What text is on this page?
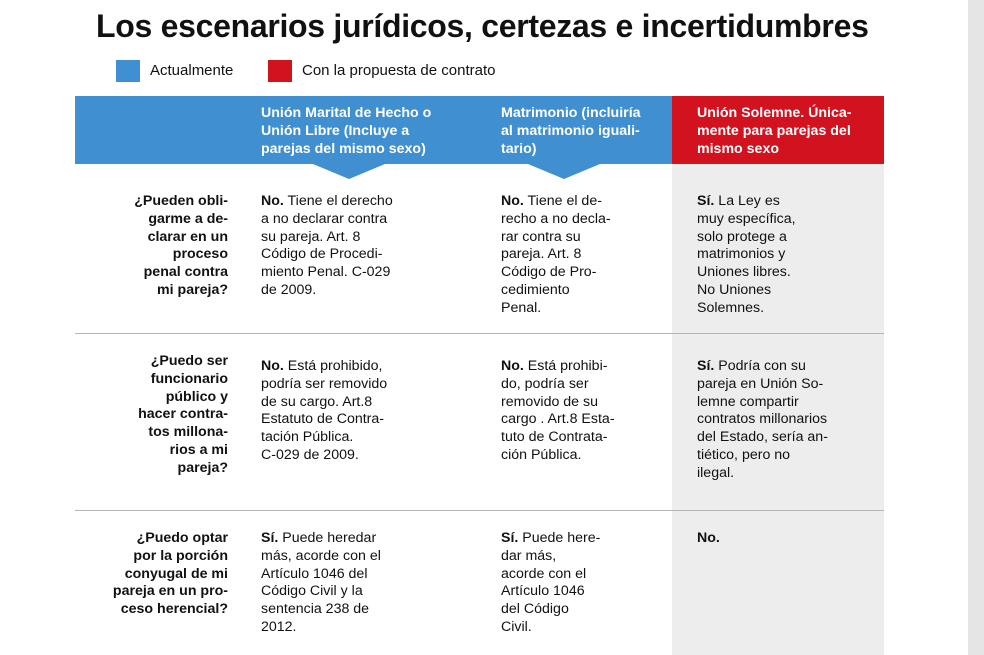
Los escenarios jurídicos, certezas e incertidumbres
Actualmente	Con la propuesta de contrato
Unión Marital de Hecho o
Unión Libre (Incluye a
parejas del mismo sexo)
Matrimonio (incluiría
al matrimonio iguali-
tario)
Unión Solemne. Única-
mente para parejas del
mismo sexo
¿Pueden obli-
garme a de-
clarar en un
proceso
penal contra
mi pareja?
No. Tiene el derecho
a no declarar contra
su pareja. Art. 8
Código de Procedi-
miento Penal. C-029
de 2009.
No. Tiene el de-
recho a no decla-
rar contra su
pareja. Art. 8
Código de Pro-
cedimiento
Penal.
Sí. La Ley es
muy específica,
solo protege a
matrimonios y
Uniones libres.
No Uniones
Solemnes.
¿Puedo ser
funcionario
público y
hacer contra-
tos millona-
rios a mi
pareja?
No. Está prohibido,
podría ser removido
de su cargo. Art.8
Estatuto de Contra-
tación Pública.
C-029 de 2009.
No. Está prohibi-
do, podría ser
removido de su
cargo . Art.8 Esta-
tuto de Contrata-
ción Pública.
Sí. Podría con su
pareja en Unión So-
lemne compartir
contratos millonarios
del Estado, sería an-
tiético, pero no
ilegal.
¿Puedo optar
por la porción
conyugal de mi
pareja en un pro-
ceso herencial?
Sí. Puede heredar
más, acorde con el
Artículo 1046 del
Código Civil y la
sentencia 238 de
2012.
Sí. Puede here-
dar más,
acorde con el
Artículo 1046
del Código
Civil.
No.
